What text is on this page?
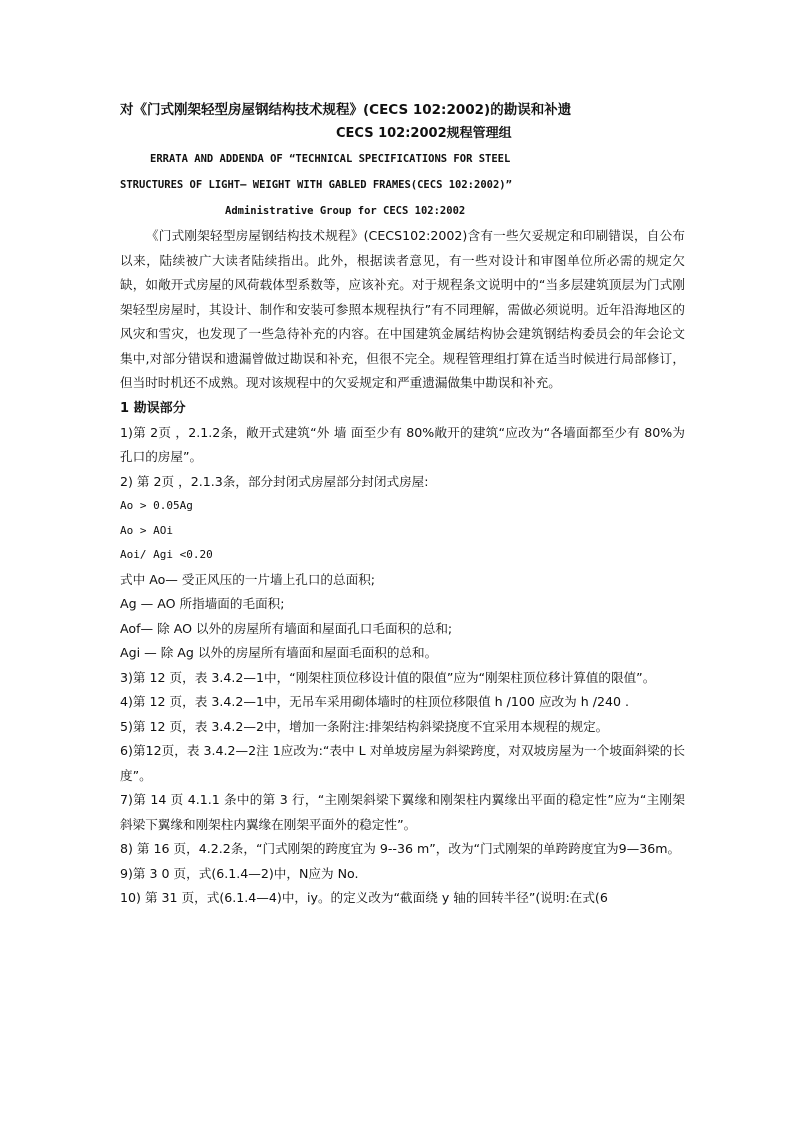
对《门式刚架轻型房屋钢结构技术规程》(CECS 102:2002)的勘误和补遗
CECS 102:2002规程管理组
ERRATA AND ADDENDA OF “TECHNICAL SPECIFICATIONS FOR STEEL
STRUCTURES OF LIGHT— WEIGHT WITH GABLED FRAMES(CECS 102:2002)”
Administrative Group for CECS 102:2002

《门式刚架轻型房屋钢结构技术规程》(CECS102:2002)含有一些欠妥规定和印刷错误，自公布以来，陆续被广大读者陆续指出。此外，根据读者意见，有一些对设计和审图单位所必需的规定欠缺，如敞开式房屋的风荷载体型系数等，应该补充。对于规程条文说明中的“当多层建筑顶层为门式刚架轻型房屋时，其设计、制作和安装可参照本规程执行”有不同理解，需做必须说明。近年沿海地区的风灾和雪灾，也发现了一些急待补充的内容。在中国建筑金属结构协会建筑钢结构委员会的年会论文集中,对部分错误和遗漏曾做过勘误和补充，但很不完全。规程管理组打算在适当时候进行局部修订，但当时时机还不成熟。现对该规程中的欠妥规定和严重遗漏做集中勘误和补充。

1 勘误部分

1)第 2页 ，2.1.2条，敞开式建筑“外 墙 面至少有 80%敞开的建筑“应改为“各墙面都至少有 80%为孔口的房屋”。

2) 第 2页 ，2.1.3条，部分封闭式房屋部分封闭式房屋:

Ao > 0.05Ag
Ao > AOi
Aoi/ Agi <0.20

式中 Ao— 受正风压的一片墙上孔口的总面积;

Ag — AO 所指墙面的毛面积;

Aof— 除 AO 以外的房屋所有墙面和屋面孔口毛面积的总和;

Agi — 除 Ag 以外的房屋所有墙面和屋面毛面积的总和。

3)第 12 页，表 3.4.2—1中，“刚架柱顶位移设计值的限值”应为“刚架柱顶位移计算值的限值”。

4)第 12 页，表 3.4.2—1中，无吊车采用砌体墙时的柱顶位移限值 h /100 应改为 h /240 .

5)第 12 页，表 3.4.2—2中，增加一条附注:排架结构斜梁挠度不宜采用本规程的规定。

6)第12页，表 3.4.2—2注 1应改为:“表中 L 对单坡房屋为斜梁跨度，对双坡房屋为一个坡面斜梁的长度”。

7)第 14 页 4.1.1 条中的第 3 行，“主刚架斜梁下翼缘和刚架柱内翼缘出平面的稳定性”应为“主刚架斜梁下翼缘和刚架柱内翼缘在刚架平面外的稳定性”。

8) 第 16 页，4.2.2条，“门式刚架的跨度宜为 9--36 m”，改为“门式刚架的单跨跨度宜为9—36m。

9)第 3 0 页，式(6.1.4—2)中，N应为 No.

10) 第 31 页，式(6.1.4—4)中，iy。的定义改为“截面绕 y 轴的回转半径”(说明:在式(6
